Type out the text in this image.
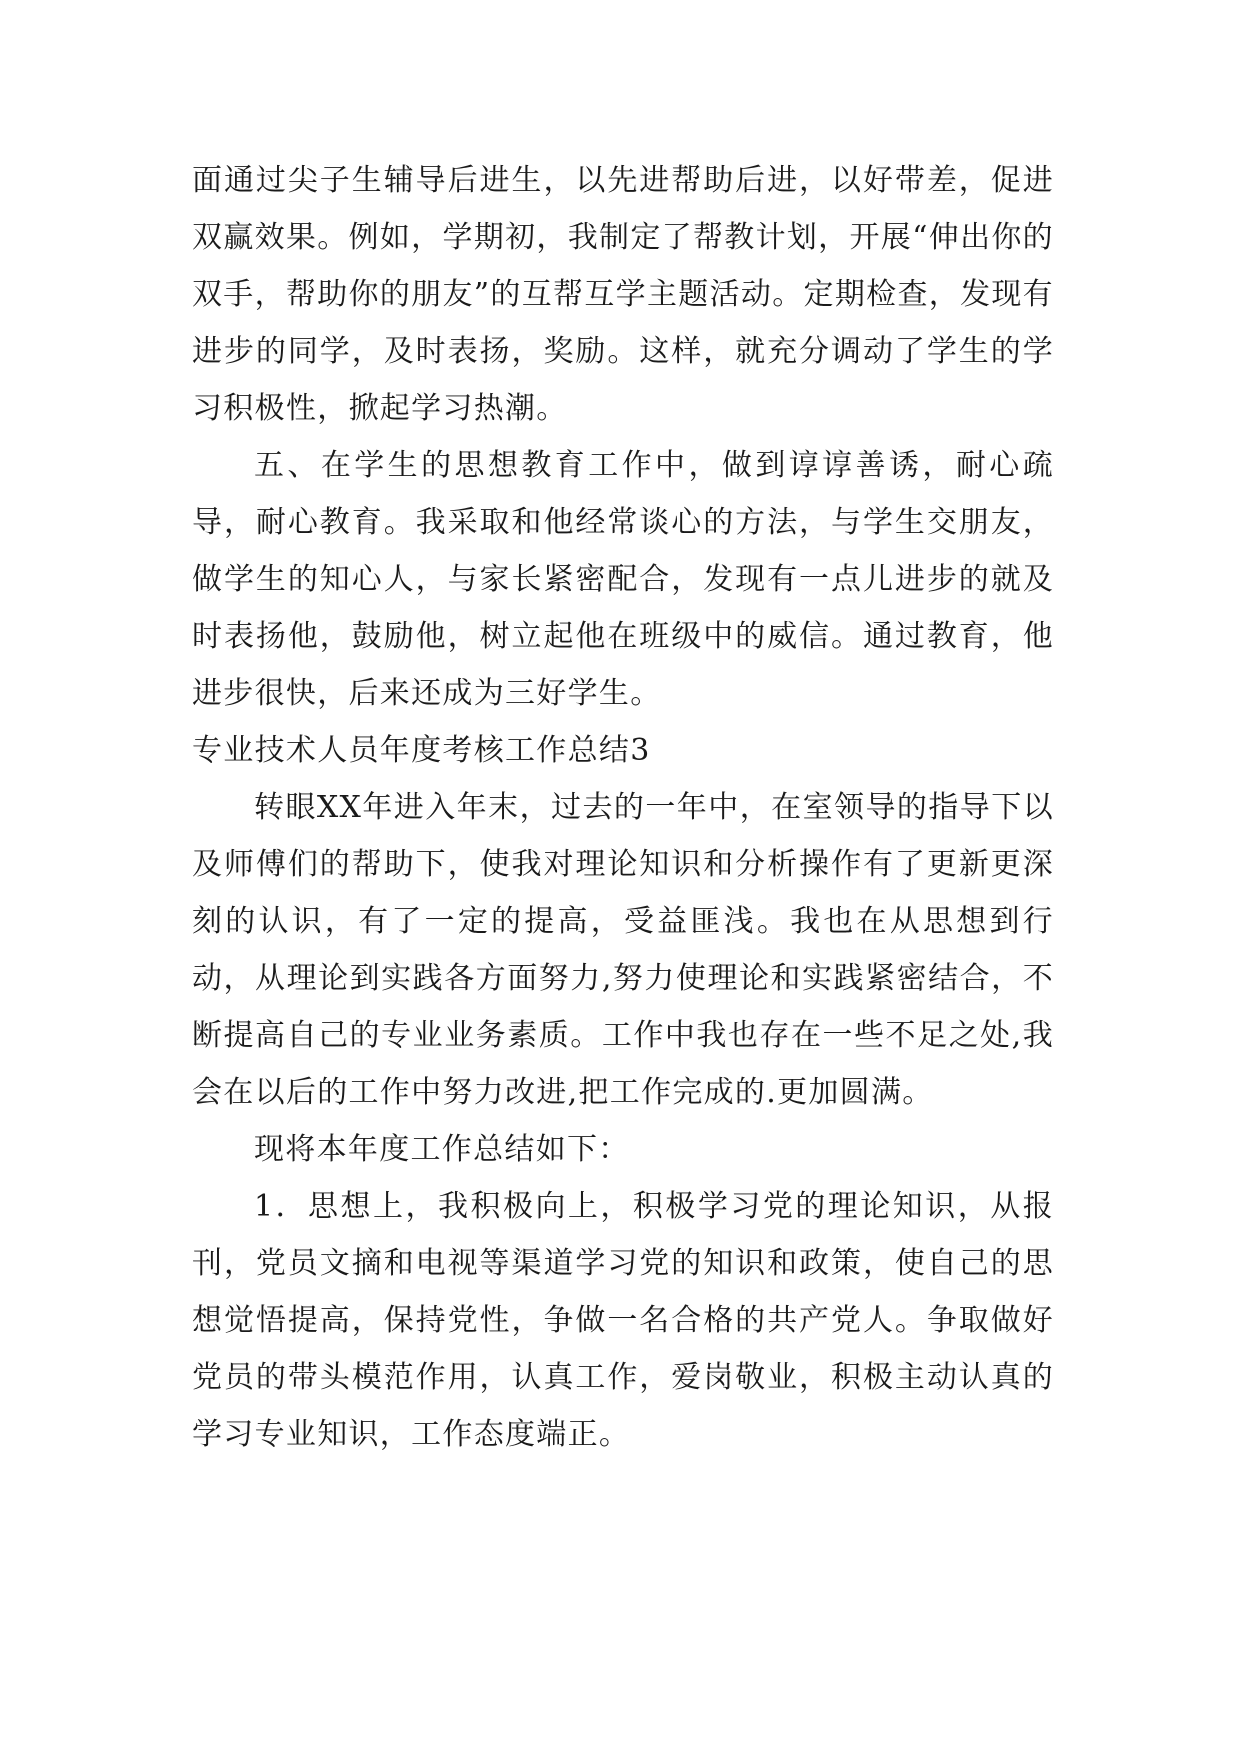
面通过尖子生辅导后进生，以先进帮助后进，以好带差，促进双赢效果。例如，学期初，我制定了帮教计划，开展“伸出你的双手，帮助你的朋友”的互帮互学主题活动。定期检查，发现有进步的同学，及时表扬，奖励。这样，就充分调动了学生的学习积极性，掀起学习热潮。

五、在学生的思想教育工作中，做到谆谆善诱，耐心疏导，耐心教育。我采取和他经常谈心的方法，与学生交朋友，做学生的知心人，与家长紧密配合，发现有一点儿进步的就及时表扬他，鼓励他，树立起他在班级中的威信。通过教育，他进步很快，后来还成为三好学生。

专业技术人员年度考核工作总结3

转眼XX年进入年末，过去的一年中，在室领导的指导下以及师傅们的帮助下，使我对理论知识和分析操作有了更新更深刻的认识，有了一定的提高，受益匪浅。我也在从思想到行动，从理论到实践各方面努力,努力使理论和实践紧密结合，不断提高自己的专业业务素质。工作中我也存在一些不足之处,我会在以后的工作中努力改进,把工作完成的.更加圆满。

现将本年度工作总结如下：

1．思想上，我积极向上，积极学习党的理论知识，从报刊，党员文摘和电视等渠道学习党的知识和政策，使自己的思想觉悟提高，保持党性，争做一名合格的共产党人。争取做好党员的带头模范作用，认真工作，爱岗敬业，积极主动认真的学习专业知识，工作态度端正。
